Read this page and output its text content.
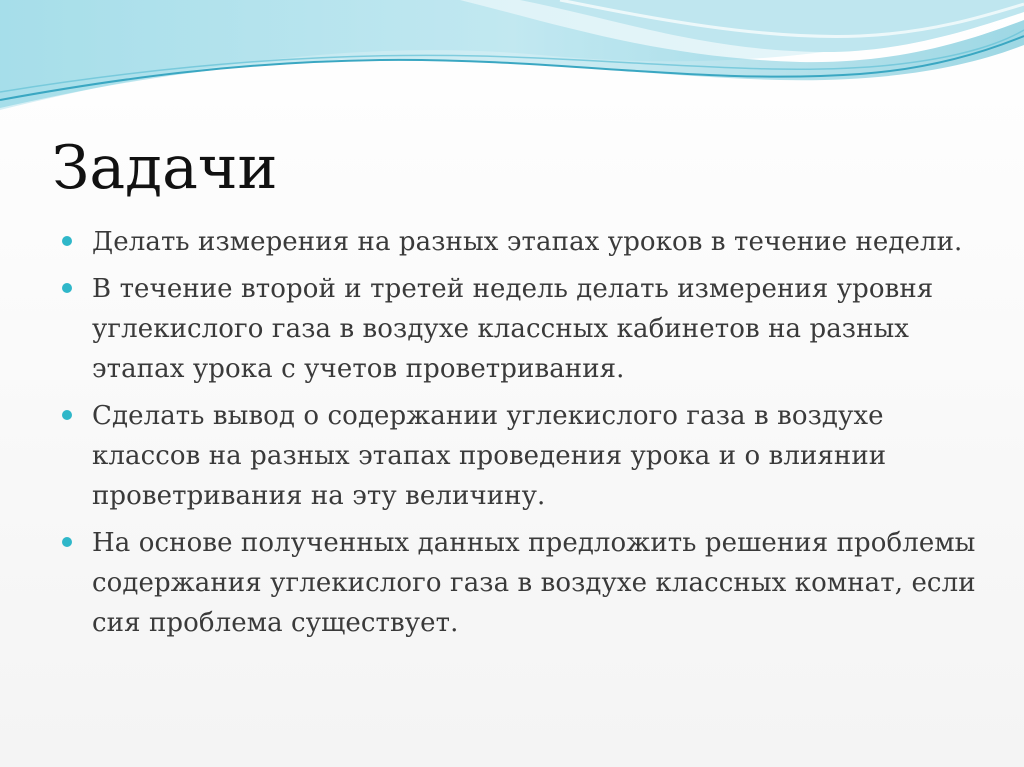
Задачи
Делать измерения на разных этапах уроков в течение недели.
В течение второй и третей недель делать измерения уровня углекислого газа в воздухе классных кабинетов на разных этапах урока с учетов проветривания.
Сделать вывод о содержании углекислого газа в воздухе классов на разных этапах проведения урока и о влиянии проветривания на эту величину.
На основе полученных данных предложить решения проблемы содержания углекислого газа в воздухе классных комнат, если сия проблема существует.
